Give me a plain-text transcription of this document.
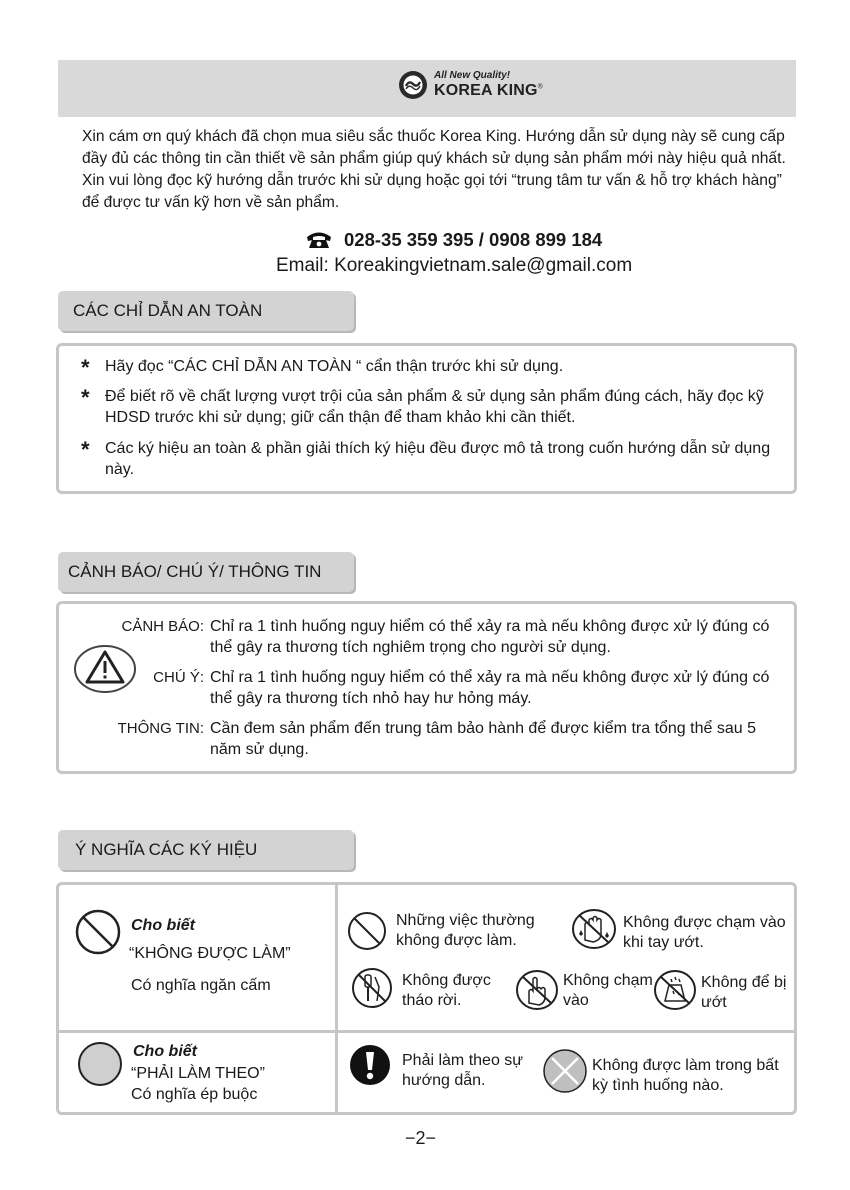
All New Quality!
KOREA KING®

Xin cám ơn quý khách đã chọn mua siêu sắc thuốc Korea King. Hướng dẫn sử dụng này sẽ cung cấp đầy đủ các thông tin cần thiết về sản phẩm giúp quý khách sử dụng sản phẩm mới này hiệu quả nhất. Xin vui lòng đọc kỹ hướng dẫn trước khi sử dụng hoặc gọi tới “trung tâm tư vấn & hỗ trợ khách hàng” để được tư vấn kỹ hơn về sản phẩm.

028-35 359 395 / 0908 899 184
Email: Koreakingvietnam.sale@gmail.com
CÁC CHỈ DẪN AN TOÀN
* Hãy đọc “CÁC CHỈ DẪN AN TOÀN “ cẩn thận trước khi sử dụng.
* Để biết rõ về chất lượng vượt trội của sản phẩm & sử dụng sản phẩm đúng cách, hãy đọc kỹ HDSD trước khi sử dụng; giữ cẩn thận để tham khảo khi cần thiết.
* Các ký hiệu an toàn & phần giải thích ký hiệu đều được mô tả trong cuốn hướng dẫn sử dụng này.
CẢNH BÁO/ CHÚ Ý/ THÔNG TIN
CẢNH BÁO: Chỉ ra 1 tình huống nguy hiểm có thể xảy ra mà nếu không được xử lý đúng có thể gây ra thương tích nghiêm trọng cho người sử dụng.
CHÚ Ý: Chỉ ra 1 tình huống nguy hiểm có thể xảy ra mà nếu không được xử lý đúng có thể gây ra thương tích nhỏ hay hư hỏng máy.
THÔNG TIN: Cần đem sản phẩm đến trung tâm bảo hành để được kiểm tra tổng thể sau 5 năm sử dụng.
Ý NGHĨA CÁC KÝ HIỆU
Cho biết
“KHÔNG ĐƯỢC LÀM”
Có nghĩa ngăn cấm
Những việc thường không được làm.
Không được chạm vào khi tay ướt.
Không được tháo rời.
Không chạm vào
Không để bị ướt
Cho biết
“PHẢI LÀM THEO”
Có nghĩa ép buộc
Phải làm theo sự hướng dẫn.
Không được làm trong bất kỳ tình huống nào.
−2−
